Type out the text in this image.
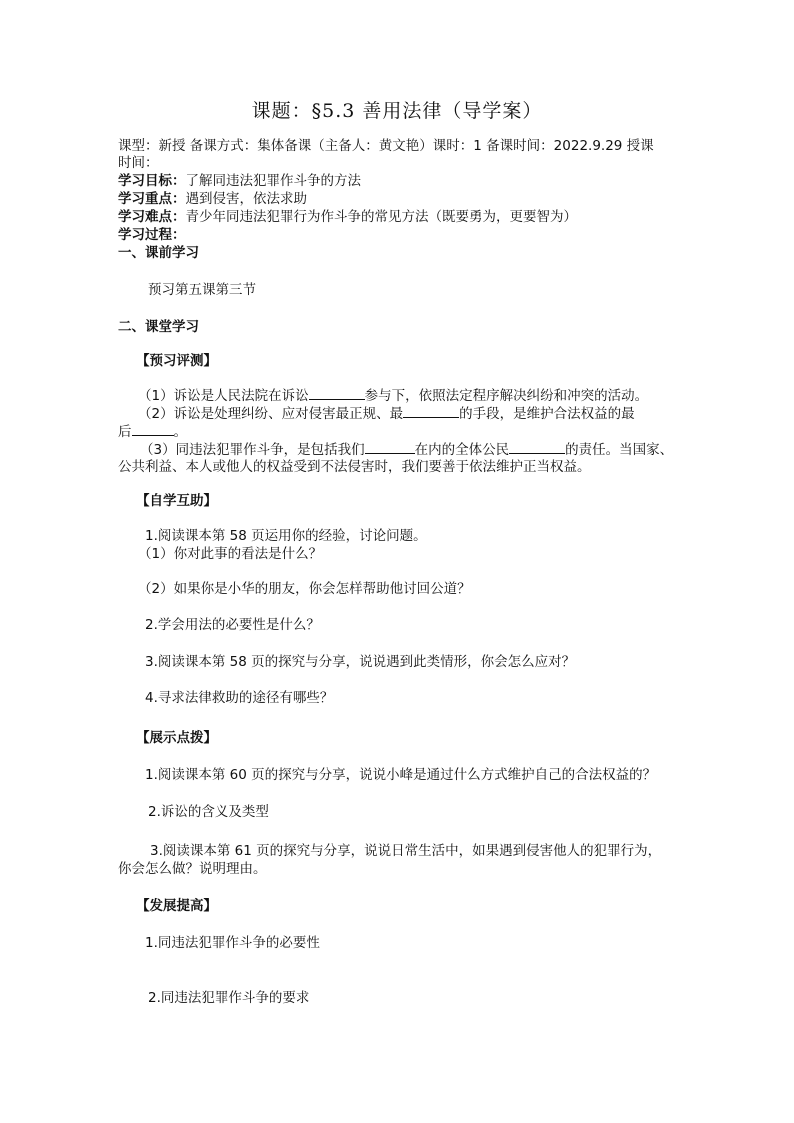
课题：§5.3 善用法律（导学案）
课型：新授 备课方式：集体备课（主备人：黄文艳）课时：1 备课时间：2022.9.29 授课
时间：
学习目标：了解同违法犯罪作斗争的方法
学习重点：遇到侵害，依法求助
学习难点：青少年同违法犯罪行为作斗争的常见方法（既要勇为，更要智为）
学习过程：
一、课前学习
预习第五课第三节
二、课堂学习
【预习评测】
（1）诉讼是人民法院在诉讼	参与下，依照法定程序解决纠纷和冲突的活动。
（2）诉讼是处理纠纷、应对侵害最正规、最	的手段，是维护合法权益的最
后	。
（3）同违法犯罪作斗争，是包括我们	在内的全体公民	的责任。当国家、
公共利益、本人或他人的权益受到不法侵害时，我们要善于依法维护正当权益。
【自学互助】
1.阅读课本第 58 页运用你的经验，讨论问题。
（1）你对此事的看法是什么？
（2）如果你是小华的朋友，你会怎样帮助他讨回公道？
2.学会用法的必要性是什么？
3.阅读课本第 58 页的探究与分享，说说遇到此类情形，你会怎么应对？
4.寻求法律救助的途径有哪些？
【展示点拨】
1.阅读课本第 60 页的探究与分享，说说小峰是通过什么方式维护自己的合法权益的？
2.诉讼的含义及类型
3.阅读课本第 61 页的探究与分享，说说日常生活中，如果遇到侵害他人的犯罪行为，
你会怎么做？说明理由。
【发展提高】
1.同违法犯罪作斗争的必要性
2.同违法犯罪作斗争的要求
